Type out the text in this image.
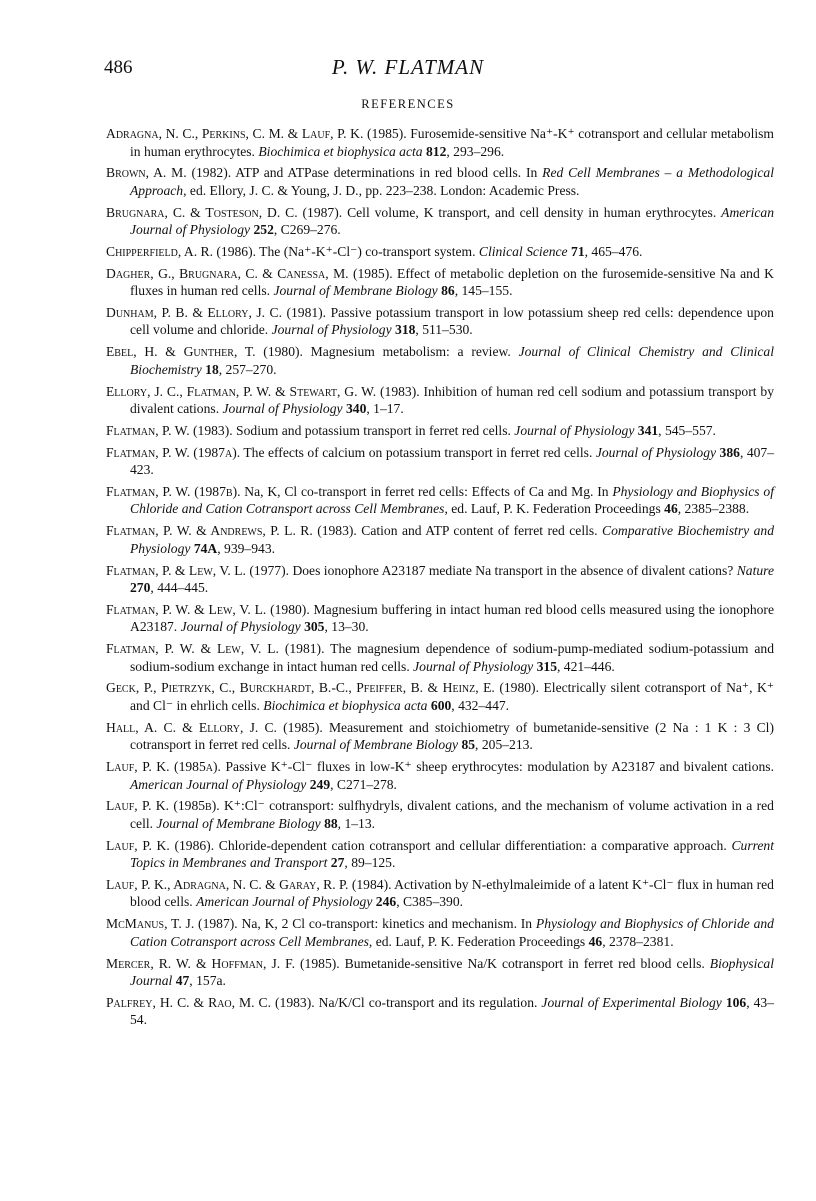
486	P. W. FLATMAN
REFERENCES

Adragna, N. C., Perkins, C. M. & Lauf, P. K. (1985). Furosemide-sensitive Na⁺-K⁺ cotransport and cellular metabolism in human erythrocytes. Biochimica et biophysica acta 812, 293–296.

Brown, A. M. (1982). ATP and ATPase determinations in red blood cells. In Red Cell Membranes – a Methodological Approach, ed. Ellory, J. C. & Young, J. D., pp. 223–238. London: Academic Press.

Brugnara, C. & Tosteson, D. C. (1987). Cell volume, K transport, and cell density in human erythrocytes. American Journal of Physiology 252, C269–276.

Chipperfield, A. R. (1986). The (Na⁺-K⁺-Cl⁻) co-transport system. Clinical Science 71, 465–476.

Dagher, G., Brugnara, C. & Canessa, M. (1985). Effect of metabolic depletion on the furosemide-sensitive Na and K fluxes in human red cells. Journal of Membrane Biology 86, 145–155.

Dunham, P. B. & Ellory, J. C. (1981). Passive potassium transport in low potassium sheep red cells: dependence upon cell volume and chloride. Journal of Physiology 318, 511–530.

Ebel, H. & Gunther, T. (1980). Magnesium metabolism: a review. Journal of Clinical Chemistry and Clinical Biochemistry 18, 257–270.

Ellory, J. C., Flatman, P. W. & Stewart, G. W. (1983). Inhibition of human red cell sodium and potassium transport by divalent cations. Journal of Physiology 340, 1–17.

Flatman, P. W. (1983). Sodium and potassium transport in ferret red cells. Journal of Physiology 341, 545–557.

Flatman, P. W. (1987a). The effects of calcium on potassium transport in ferret red cells. Journal of Physiology 386, 407–423.

Flatman, P. W. (1987b). Na, K, Cl co-transport in ferret red cells: Effects of Ca and Mg. In Physiology and Biophysics of Chloride and Cation Cotransport across Cell Membranes, ed. Lauf, P. K. Federation Proceedings 46, 2385–2388.

Flatman, P. W. & Andrews, P. L. R. (1983). Cation and ATP content of ferret red cells. Comparative Biochemistry and Physiology 74A, 939–943.

Flatman, P. & Lew, V. L. (1977). Does ionophore A23187 mediate Na transport in the absence of divalent cations? Nature 270, 444–445.

Flatman, P. W. & Lew, V. L. (1980). Magnesium buffering in intact human red blood cells measured using the ionophore A23187. Journal of Physiology 305, 13–30.

Flatman, P. W. & Lew, V. L. (1981). The magnesium dependence of sodium-pump-mediated sodium-potassium and sodium-sodium exchange in intact human red cells. Journal of Physiology 315, 421–446.

Geck, P., Pietrzyk, C., Burckhardt, B.-C., Pfeiffer, B. & Heinz, E. (1980). Electrically silent cotransport of Na⁺, K⁺ and Cl⁻ in ehrlich cells. Biochimica et biophysica acta 600, 432–447.

Hall, A. C. & Ellory, J. C. (1985). Measurement and stoichiometry of bumetanide-sensitive (2 Na : 1 K : 3 Cl) cotransport in ferret red cells. Journal of Membrane Biology 85, 205–213.

Lauf, P. K. (1985a). Passive K⁺-Cl⁻ fluxes in low-K⁺ sheep erythrocytes: modulation by A23187 and bivalent cations. American Journal of Physiology 249, C271–278.

Lauf, P. K. (1985b). K⁺:Cl⁻ cotransport: sulfhydryls, divalent cations, and the mechanism of volume activation in a red cell. Journal of Membrane Biology 88, 1–13.

Lauf, P. K. (1986). Chloride-dependent cation cotransport and cellular differentiation: a comparative approach. Current Topics in Membranes and Transport 27, 89–125.

Lauf, P. K., Adragna, N. C. & Garay, R. P. (1984). Activation by N-ethylmaleimide of a latent K⁺-Cl⁻ flux in human red blood cells. American Journal of Physiology 246, C385–390.

McManus, T. J. (1987). Na, K, 2 Cl co-transport: kinetics and mechanism. In Physiology and Biophysics of Chloride and Cation Cotransport across Cell Membranes, ed. Lauf, P. K. Federation Proceedings 46, 2378–2381.

Mercer, R. W. & Hoffman, J. F. (1985). Bumetanide-sensitive Na/K cotransport in ferret red blood cells. Biophysical Journal 47, 157a.

Palfrey, H. C. & Rao, M. C. (1983). Na/K/Cl co-transport and its regulation. Journal of Experimental Biology 106, 43–54.
